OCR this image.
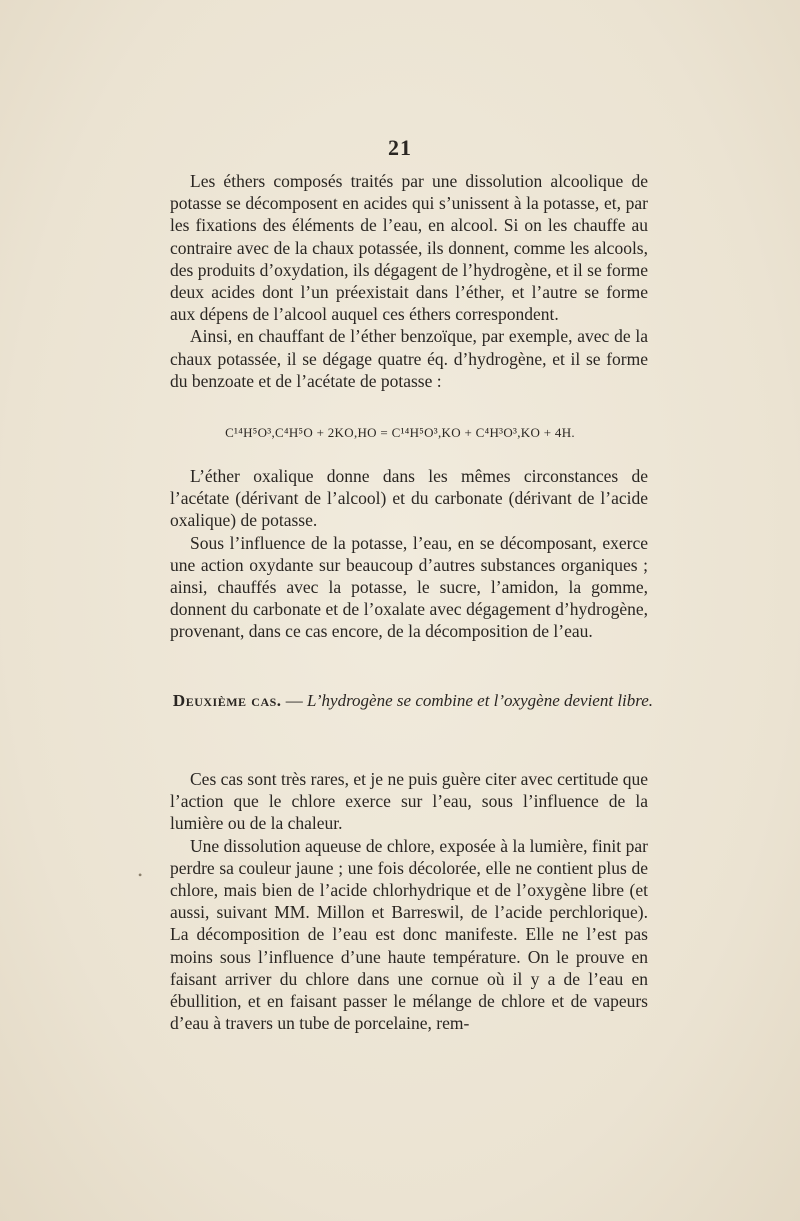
21

Les éthers composés traités par une dissolution alcoolique de potasse se décomposent en acides qui s’unissent à la potasse, et, par les fixations des éléments de l’eau, en alcool. Si on les chauffe au contraire avec de la chaux potassée, ils donnent, comme les alcools, des produits d’oxydation, ils dégagent de l’hydrogène, et il se forme deux acides dont l’un préexistait dans l’éther, et l’autre se forme aux dépens de l’alcool auquel ces éthers correspondent.

Ainsi, en chauffant de l’éther benzoïque, par exemple, avec de la chaux potassée, il se dégage quatre éq. d’hydrogène, et il se forme du benzoate et de l’acétate de potasse :

C¹⁴H⁵O³,C⁴H⁵O + 2KO,HO = C¹⁴H⁵O³,KO + C⁴H³O³,KO + 4H.

L’éther oxalique donne dans les mêmes circonstances de l’acétate (dérivant de l’alcool) et du carbonate (dérivant de l’acide oxalique) de potasse.

Sous l’influence de la potasse, l’eau, en se décomposant, exerce une action oxydante sur beaucoup d’autres substances organiques ; ainsi, chauffés avec la potasse, le sucre, l’amidon, la gomme, donnent du carbonate et de l’oxalate avec dégagement d’hydrogène, provenant, dans ce cas encore, de la décomposition de l’eau.

Deuxième cas. — L’hydrogène se combine et l’oxygène devient libre.

Ces cas sont très rares, et je ne puis guère citer avec certitude que l’action que le chlore exerce sur l’eau, sous l’influence de la lumière ou de la chaleur.

Une dissolution aqueuse de chlore, exposée à la lumière, finit par perdre sa couleur jaune ; une fois décolorée, elle ne contient plus de chlore, mais bien de l’acide chlorhydrique et de l’oxygène libre (et aussi, suivant MM. Millon et Barreswil, de l’acide perchlorique). La décomposition de l’eau est donc manifeste. Elle ne l’est pas moins sous l’influence d’une haute température. On le prouve en faisant arriver du chlore dans une cornue où il y a de l’eau en ébullition, et en faisant passer le mélange de chlore et de vapeurs d’eau à travers un tube de porcelaine, rem-

•
